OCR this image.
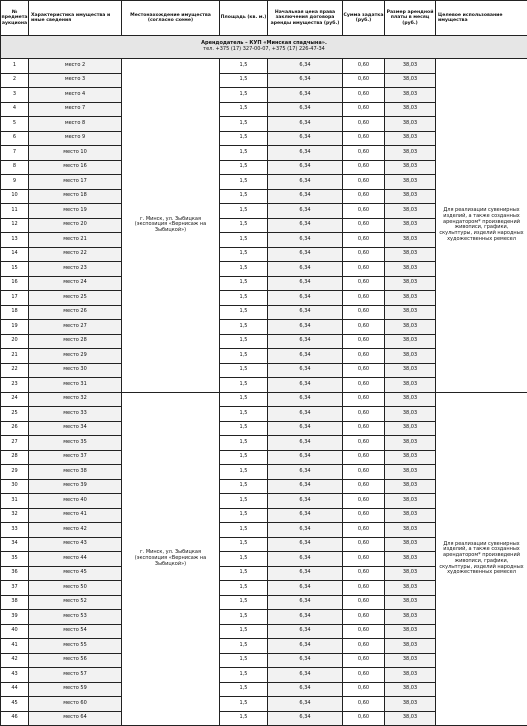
№ предмета аукциона	Характеристика имущества и иные сведения	Местонахождение имущества (согласно схеме)	Площадь (кв. м.)	Начальная цена права заключения договора аренды имущества (руб.)	Сумма задатка (руб.)	Размер арендной платы в месяц (руб.)	Целевое использование имущества
Арендодатель – КУП «Минская спадчына».
тел. +375 (17) 327-00-07, +375 (17) 226-47-34							
1	место 2	г. Минск, ул. Зыбицкая (экспозиция «Вернисаж на Зыбицкой»)	1,5	6,34	0,60	38,03	Для реализации сувенирных изделий, а также созданных арендатором* произведений живописи, графики, скульптуры, изделий народных художественных ремесел
2	место 3		1,5	6,34	0,60	38,03	
3	место 4		1,5	6,34	0,60	38,03	
4	место 7		1,5	6,34	0,60	38,03	
5	место 8		1,5	6,34	0,60	38,03	
6	место 9		1,5	6,34	0,60	38,03	
7	место 10		1,5	6,34	0,60	38,03	
8	место 16		1,5	6,34	0,60	38,03	
9	место 17		1,5	6,34	0,60	38,03	
10	место 18		1,5	6,34	0,60	38,03	
11	место 19		1,5	6,34	0,60	38,03	
12	место 20		1,5	6,34	0,60	38,03	
13	место 21		1,5	6,34	0,60	38,03	
14	место 22		1,5	6,34	0,60	38,03	
15	место 23		1,5	6,34	0,60	38,03	
16	место 24		1,5	6,34	0,60	38,03	
17	место 25		1,5	6,34	0,60	38,03	
18	место 26		1,5	6,34	0,60	38,03	
19	место 27		1,5	6,34	0,60	38,03	
20	место 28		1,5	6,34	0,60	38,03	
21	место 29		1,5	6,34	0,60	38,03	
22	место 30		1,5	6,34	0,60	38,03	
23	место 31		1,5	6,34	0,60	38,03	
24	место 32	г. Минск, ул. Зыбицкая (экспозиция «Вернисаж на Зыбицкой»)	1,5	6,34	0,60	38,03	Для реализации сувенирных изделий, а также созданных арендатором* произведений живописи, графики, скульптуры, изделий народных художественных ремесел
25	место 33		1,5	6,34	0,60	38,03	
26	место 34		1,5	6,34	0,60	38,03	
27	место 35		1,5	6,34	0,60	38,03	
28	место 37		1,5	6,34	0,60	38,03	
29	место 38		1,5	6,34	0,60	38,03	
30	место 39		1,5	6,34	0,60	38,03	
31	место 40		1,5	6,34	0,60	38,03	
32	место 41		1,5	6,34	0,60	38,03	
33	место 42		1,5	6,34	0,60	38,03	
34	место 43		1,5	6,34	0,60	38,03	
35	место 44		1,5	6,34	0,60	38,03	
36	место 45		1,5	6,34	0,60	38,03	
37	место 50		1,5	6,34	0,60	38,03	
38	место 52		1,5	6,34	0,60	38,03	
39	место 53		1,5	6,34	0,60	38,03	
40	место 54		1,5	6,34	0,60	38,03	
41	место 55		1,5	6,34	0,60	38,03	
42	место 56		1,5	6,34	0,60	38,03	
43	место 57		1,5	6,34	0,60	38,03	
44	место 59		1,5	6,34	0,60	38,03	
45	место 60		1,5	6,34	0,60	38,03	
46	место 64		1,5	6,34	0,60	38,03	
